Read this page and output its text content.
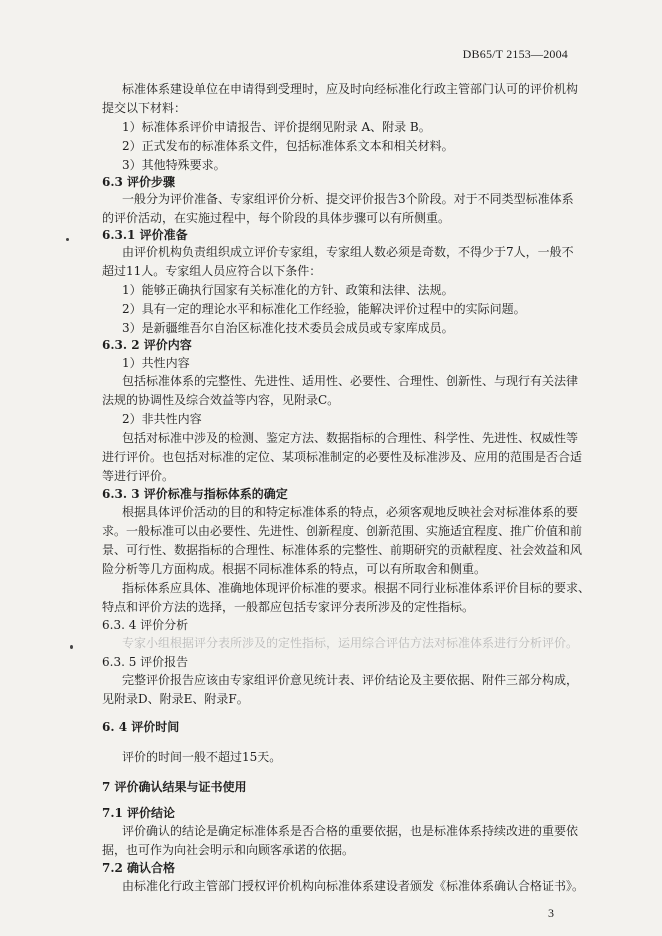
DB65/T 2153—2004
标准体系建设单位在申请得到受理时，应及时向经标准化行政主管部门认可的评价机构
提交以下材料：
1）标准体系评价申请报告、评价提纲见附录 A、附录 B。
2）正式发布的标准体系文件，包括标准体系文本和相关材料。
3）其他特殊要求。
6.3 评价步骤
一般分为评价准备、专家组评价分析、提交评价报告3个阶段。对于不同类型标准体系
的评价活动，在实施过程中，每个阶段的具体步骤可以有所侧重。
6.3.1 评价准备
由评价机构负责组织成立评价专家组，专家组人数必须是奇数，不得少于7人，一般不
超过11人。专家组人员应符合以下条件：
1）能够正确执行国家有关标准化的方针、政策和法律、法规。
2）具有一定的理论水平和标准化工作经验，能解决评价过程中的实际问题。
3）是新疆维吾尔自治区标准化技术委员会成员或专家库成员。
6.3. 2 评价内容
1）共性内容
包括标准体系的完整性、先进性、适用性、必要性、合理性、创新性、与现行有关法律
法规的协调性及综合效益等内容，见附录C。
2）非共性内容
包括对标准中涉及的检测、鉴定方法、数据指标的合理性、科学性、先进性、权威性等
进行评价。也包括对标准的定位、某项标准制定的必要性及标准涉及、应用的范围是否合适
等进行评价。
6.3. 3 评价标准与指标体系的确定
根据具体评价活动的目的和特定标准体系的特点，必须客观地反映社会对标准体系的要
求。一般标准可以由必要性、先进性、创新程度、创新范围、实施适宜程度、推广价值和前
景、可行性、数据指标的合理性、标准体系的完整性、前期研究的贡献程度、社会效益和风
险分析等几方面构成。根据不同标准体系的特点，可以有所取舍和侧重。
指标体系应具体、准确地体现评价标准的要求。根据不同行业标准体系评价目标的要求、
特点和评价方法的选择，一般都应包括专家评分表所涉及的定性指标。
6.3. 4 评价分析
专家小组根据评分表所涉及的定性指标，运用综合评估方法对标准体系进行分析评价。
6.3. 5 评价报告
完整评价报告应该由专家组评价意见统计表、评价结论及主要依据、附件三部分构成，
见附录D、附录E、附录F。
6. 4 评价时间
评价的时间一般不超过15天。
7 评价确认结果与证书使用
7.1 评价结论
评价确认的结论是确定标准体系是否合格的重要依据，也是标准体系持续改进的重要依
据，也可作为向社会明示和向顾客承诺的依据。
7.2 确认合格
由标准化行政主管部门授权评价机构向标准体系建设者颁发《标准体系确认合格证书》。
3
